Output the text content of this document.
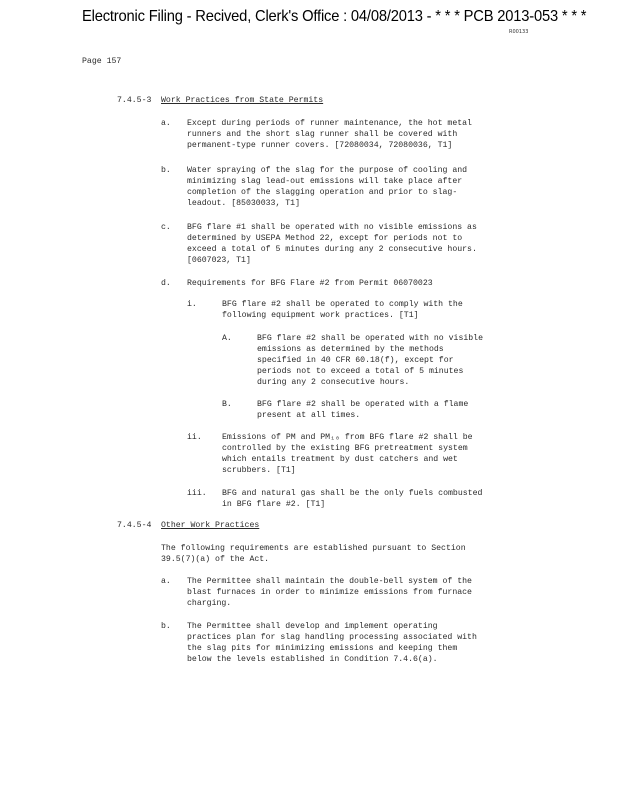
Electronic Filing - Recived, Clerk's Office : 04/08/2013 - * * * PCB 2013-053 * * *
R00133
Page 157
7.4.5-3 Work Practices from State Permits
a. Except during periods of runner maintenance, the hot metal
runners and the short slag runner shall be covered with
permanent-type runner covers. [72080034, 72080036, T1]
b. Water spraying of the slag for the purpose of cooling and
minimizing slag lead-out emissions will take place after
completion of the slagging operation and prior to slag-
leadout. [85030033, T1]
c. BFG flare #1 shall be operated with no visible emissions as
determined by USEPA Method 22, except for periods not to
exceed a total of 5 minutes during any 2 consecutive hours.
[0607023, T1]
d. Requirements for BFG Flare #2 from Permit 06070023
i.	BFG flare #2 shall be operated to comply with the
following equipment work practices. [T1]
A.	BFG flare #2 shall be operated with no visible
emissions as determined by the methods
specified in 40 CFR 60.18(f), except for
periods not to exceed a total of 5 minutes
during any 2 consecutive hours.
B.	BFG flare #2 shall be operated with a flame
present at all times.
ii. Emissions of PM and PM₁₀ from BFG flare #2 shall be
controlled by the existing BFG pretreatment system
which entails treatment by dust catchers and wet
scrubbers. [T1]
iii. BFG and natural gas shall be the only fuels combusted
in BFG flare #2. [T1]
7.4.5-4 Other Work Practices
The following requirements are established pursuant to Section
39.5(7)(a) of the Act.
a. The Permittee shall maintain the double-bell system of the
blast furnaces in order to minimize emissions from furnace
charging.
b. The Permittee shall develop and implement operating
practices plan for slag handling processing associated with
the slag pits for minimizing emissions and keeping them
below the levels established in Condition 7.4.6(a).
